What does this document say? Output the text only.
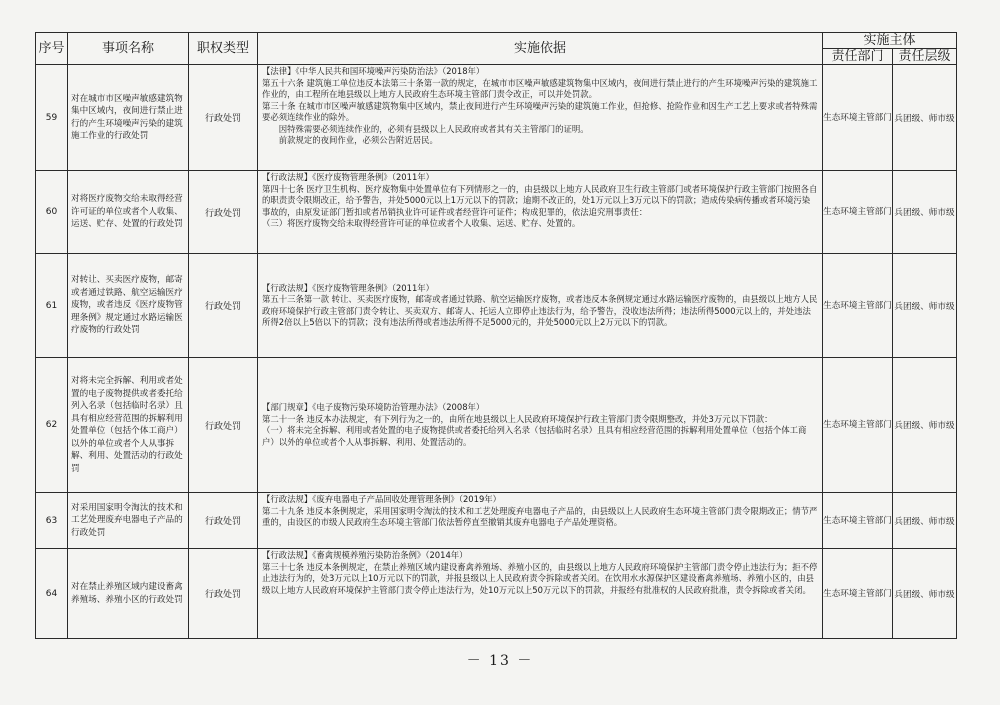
序号	事项名称	职权类型	实施依据	实施主体	
				责任部门	责任层级
59	对在城市市区噪声敏感建筑物集中区域内，夜间进行禁止进行的产生环境噪声污染的建筑施工作业的行政处罚	行政处罚	【法律】《中华人民共和国环境噪声污染防治法》（2018年）
第五十六条 建筑施工单位违反本法第三十条第一款的规定，在城市市区噪声敏感建筑物集中区域内，夜间进行禁止进行的产生环境噪声污染的建筑施工作业的，由工程所在地县级以上地方人民政府生态环境主管部门责令改正，可以并处罚款。
第三十条 在城市市区噪声敏感建筑物集中区域内，禁止夜间进行产生环境噪声污染的建筑施工作业，但抢修、抢险作业和因生产工艺上要求或者特殊需要必须连续作业的除外。
因特殊需要必须连续作业的，必须有县级以上人民政府或者其有关主管部门的证明。
前款规定的夜间作业，必须公告附近居民。	生态环境主管部门	兵团级、师市级
60	对将医疗废物交给未取得经营许可证的单位或者个人收集、运送、贮存、处置的行政处罚	行政处罚	【行政法规】《医疗废物管理条例》（2011年）
第四十七条 医疗卫生机构、医疗废物集中处置单位有下列情形之一的，由县级以上地方人民政府卫生行政主管部门或者环境保护行政主管部门按照各自的职责责令限期改正，给予警告，并处5000元以上1万元以下的罚款；逾期不改正的，处1万元以上3万元以下的罚款；造成传染病传播或者环境污染事故的，由原发证部门暂扣或者吊销执业许可证件或者经营许可证件；构成犯罪的，依法追究刑事责任：
（三）将医疗废物交给未取得经营许可证的单位或者个人收集、运送、贮存、处置的。	生态环境主管部门	兵团级、师市级
61	对转让、买卖医疗废物，邮寄或者通过铁路、航空运输医疗废物，或者违反《医疗废物管理条例》规定通过水路运输医疗废物的行政处罚	行政处罚	【行政法规】《医疗废物管理条例》（2011年）
第五十三条第一款 转让、买卖医疗废物，邮寄或者通过铁路、航空运输医疗废物，或者违反本条例规定通过水路运输医疗废物的，由县级以上地方人民政府环境保护行政主管部门责令转让、买卖双方、邮寄人、托运人立即停止违法行为，给予警告，没收违法所得；违法所得5000元以上的，并处违法所得2倍以上5倍以下的罚款；没有违法所得或者违法所得不足5000元的，并处5000元以上2万元以下的罚款。	生态环境主管部门	兵团级、师市级
62	对将未完全拆解、利用或者处置的电子废物提供或者委托给列入名录（包括临时名录）且具有相应经营范围的拆解利用处置单位（包括个体工商户）以外的单位或者个人从事拆解、利用、处置活动的行政处罚	行政处罚	【部门规章】《电子废物污染环境防治管理办法》（2008年）
第二十一条 违反本办法规定，有下列行为之一的，由所在地县级以上人民政府环境保护行政主管部门责令限期整改，并处3万元以下罚款：
（一）将未完全拆解、利用或者处置的电子废物提供或者委托给列入名录（包括临时名录）且具有相应经营范围的拆解利用处置单位（包括个体工商户）以外的单位或者个人从事拆解、利用、处置活动的。	生态环境主管部门	兵团级、师市级
63	对采用国家明令淘汰的技术和工艺处理废弃电器电子产品的行政处罚	行政处罚	【行政法规】《废弃电器电子产品回收处理管理条例》（2019年）
第二十九条 违反本条例规定，采用国家明令淘汰的技术和工艺处理废弃电器电子产品的，由县级以上人民政府生态环境主管部门责令限期改正；情节严重的，由设区的市级人民政府生态环境主管部门依法暂停直至撤销其废弃电器电子产品处理资格。	生态环境主管部门	兵团级、师市级
64	对在禁止养殖区域内建设畜禽养殖场、养殖小区的行政处罚	行政处罚	【行政法规】《畜禽规模养殖污染防治条例》（2014年）
第三十七条 违反本条例规定，在禁止养殖区域内建设畜禽养殖场、养殖小区的，由县级以上地方人民政府环境保护主管部门责令停止违法行为；拒不停止违法行为的，处3万元以上10万元以下的罚款，并报县级以上人民政府责令拆除或者关闭。在饮用水水源保护区建设畜禽养殖场、养殖小区的，由县级以上地方人民政府环境保护主管部门责令停止违法行为，处10万元以上50万元以下的罚款，并报经有批准权的人民政府批准，责令拆除或者关闭。	生态环境主管部门	兵团级、师市级
－ 13 －
